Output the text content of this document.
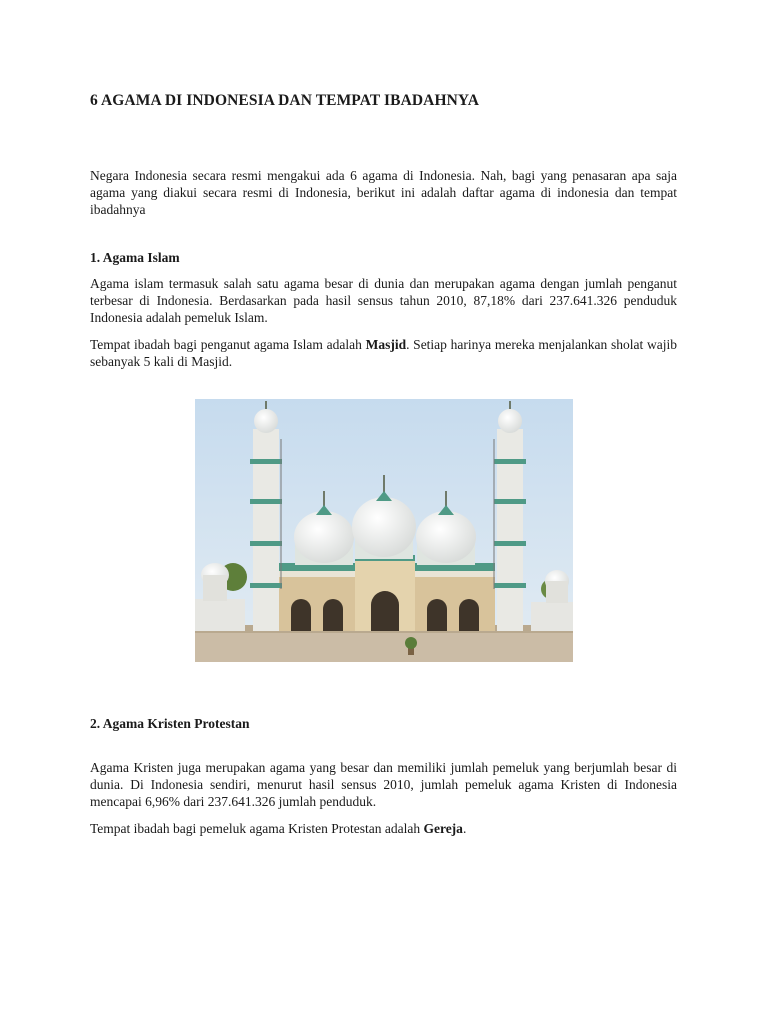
6 AGAMA DI INDONESIA DAN TEMPAT IBADAHNYA

Negara Indonesia secara resmi mengakui ada 6 agama di Indonesia. Nah, bagi yang penasaran apa saja agama yang diakui secara resmi di Indonesia, berikut ini adalah daftar agama di indonesia dan tempat ibadahnya

1. Agama Islam

Agama islam termasuk salah satu agama besar di dunia dan merupakan agama dengan jumlah penganut terbesar di Indonesia. Berdasarkan pada hasil sensus tahun 2010, 87,18% dari 237.641.326 penduduk Indonesia adalah pemeluk Islam.

Tempat ibadah bagi penganut agama Islam adalah Masjid. Setiap harinya mereka menjalankan sholat wajib sebanyak 5 kali di Masjid.

2. Agama Kristen Protestan

Agama Kristen juga merupakan agama yang besar dan memiliki jumlah pemeluk yang berjumlah besar di dunia. Di Indonesia sendiri, menurut hasil sensus 2010, jumlah pemeluk agama Kristen di Indonesia mencapai 6,96% dari 237.641.326 jumlah penduduk.

Tempat ibadah bagi pemeluk agama Kristen Protestan adalah Gereja.
